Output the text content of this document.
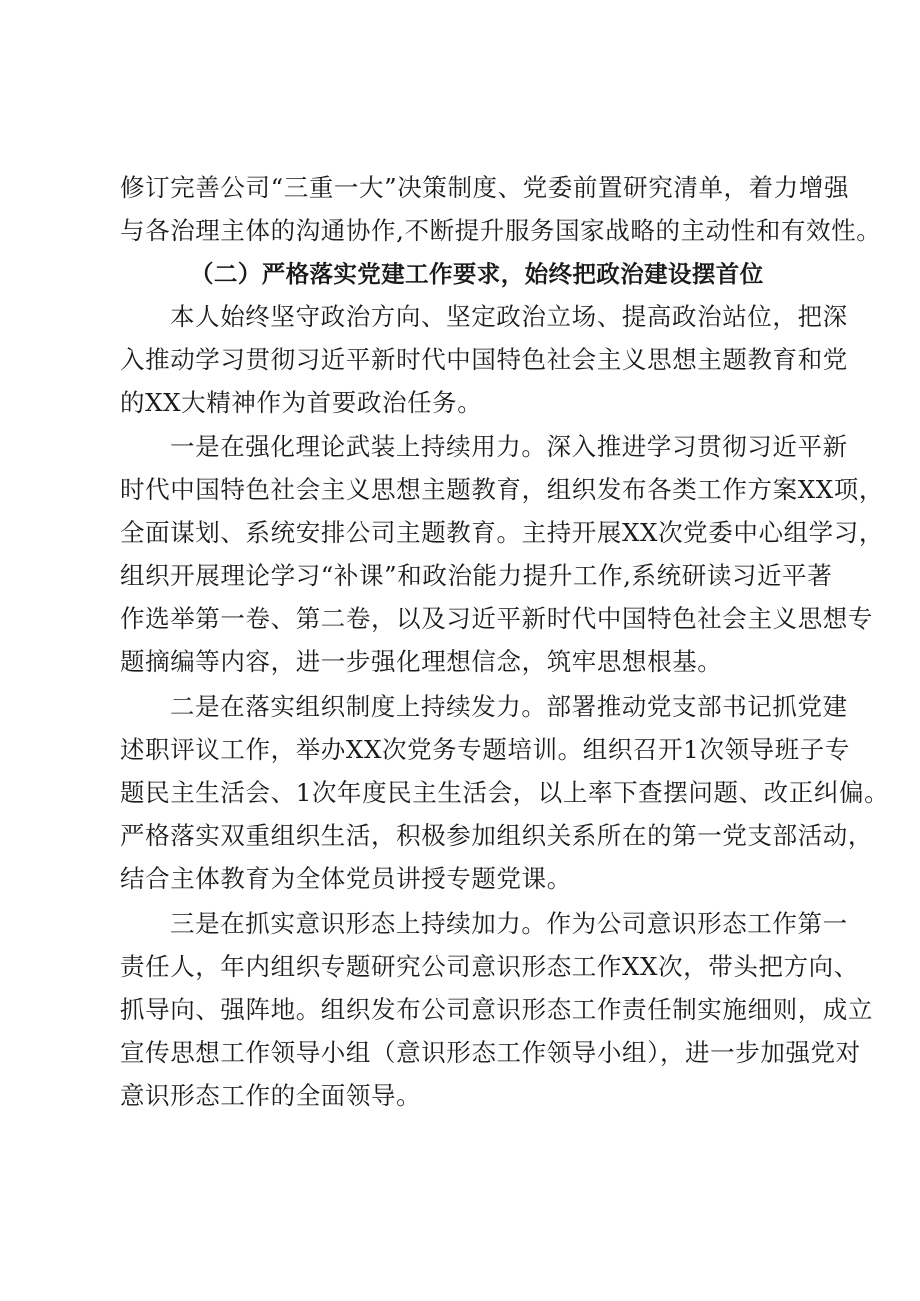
修订完善公司“三重一大”决策制度、党委前置研究清单，着力增强
与各治理主体的沟通协作,不断提升服务国家战略的主动性和有效性。
（二）严格落实党建工作要求，始终把政治建设摆首位
本人始终坚守政治方向、坚定政治立场、提高政治站位，把深
入推动学习贯彻习近平新时代中国特色社会主义思想主题教育和党
的XX大精神作为首要政治任务。
一是在强化理论武装上持续用力。深入推进学习贯彻习近平新
时代中国特色社会主义思想主题教育，组织发布各类工作方案XX项，
全面谋划、系统安排公司主题教育。主持开展XX次党委中心组学习，
组织开展理论学习“补课”和政治能力提升工作,系统研读习近平著
作选举第一卷、第二卷，以及习近平新时代中国特色社会主义思想专
题摘编等内容，进一步强化理想信念，筑牢思想根基。
二是在落实组织制度上持续发力。部署推动党支部书记抓党建
述职评议工作，举办XX次党务专题培训。组织召开1次领导班子专
题民主生活会、1次年度民主生活会，以上率下查摆问题、改正纠偏。
严格落实双重组织生活，积极参加组织关系所在的第一党支部活动，
结合主体教育为全体党员讲授专题党课。
三是在抓实意识形态上持续加力。作为公司意识形态工作第一
责任人，年内组织专题研究公司意识形态工作XX次，带头把方向、
抓导向、强阵地。组织发布公司意识形态工作责任制实施细则，成立
宣传思想工作领导小组（意识形态工作领导小组），进一步加强党对
意识形态工作的全面领导。
